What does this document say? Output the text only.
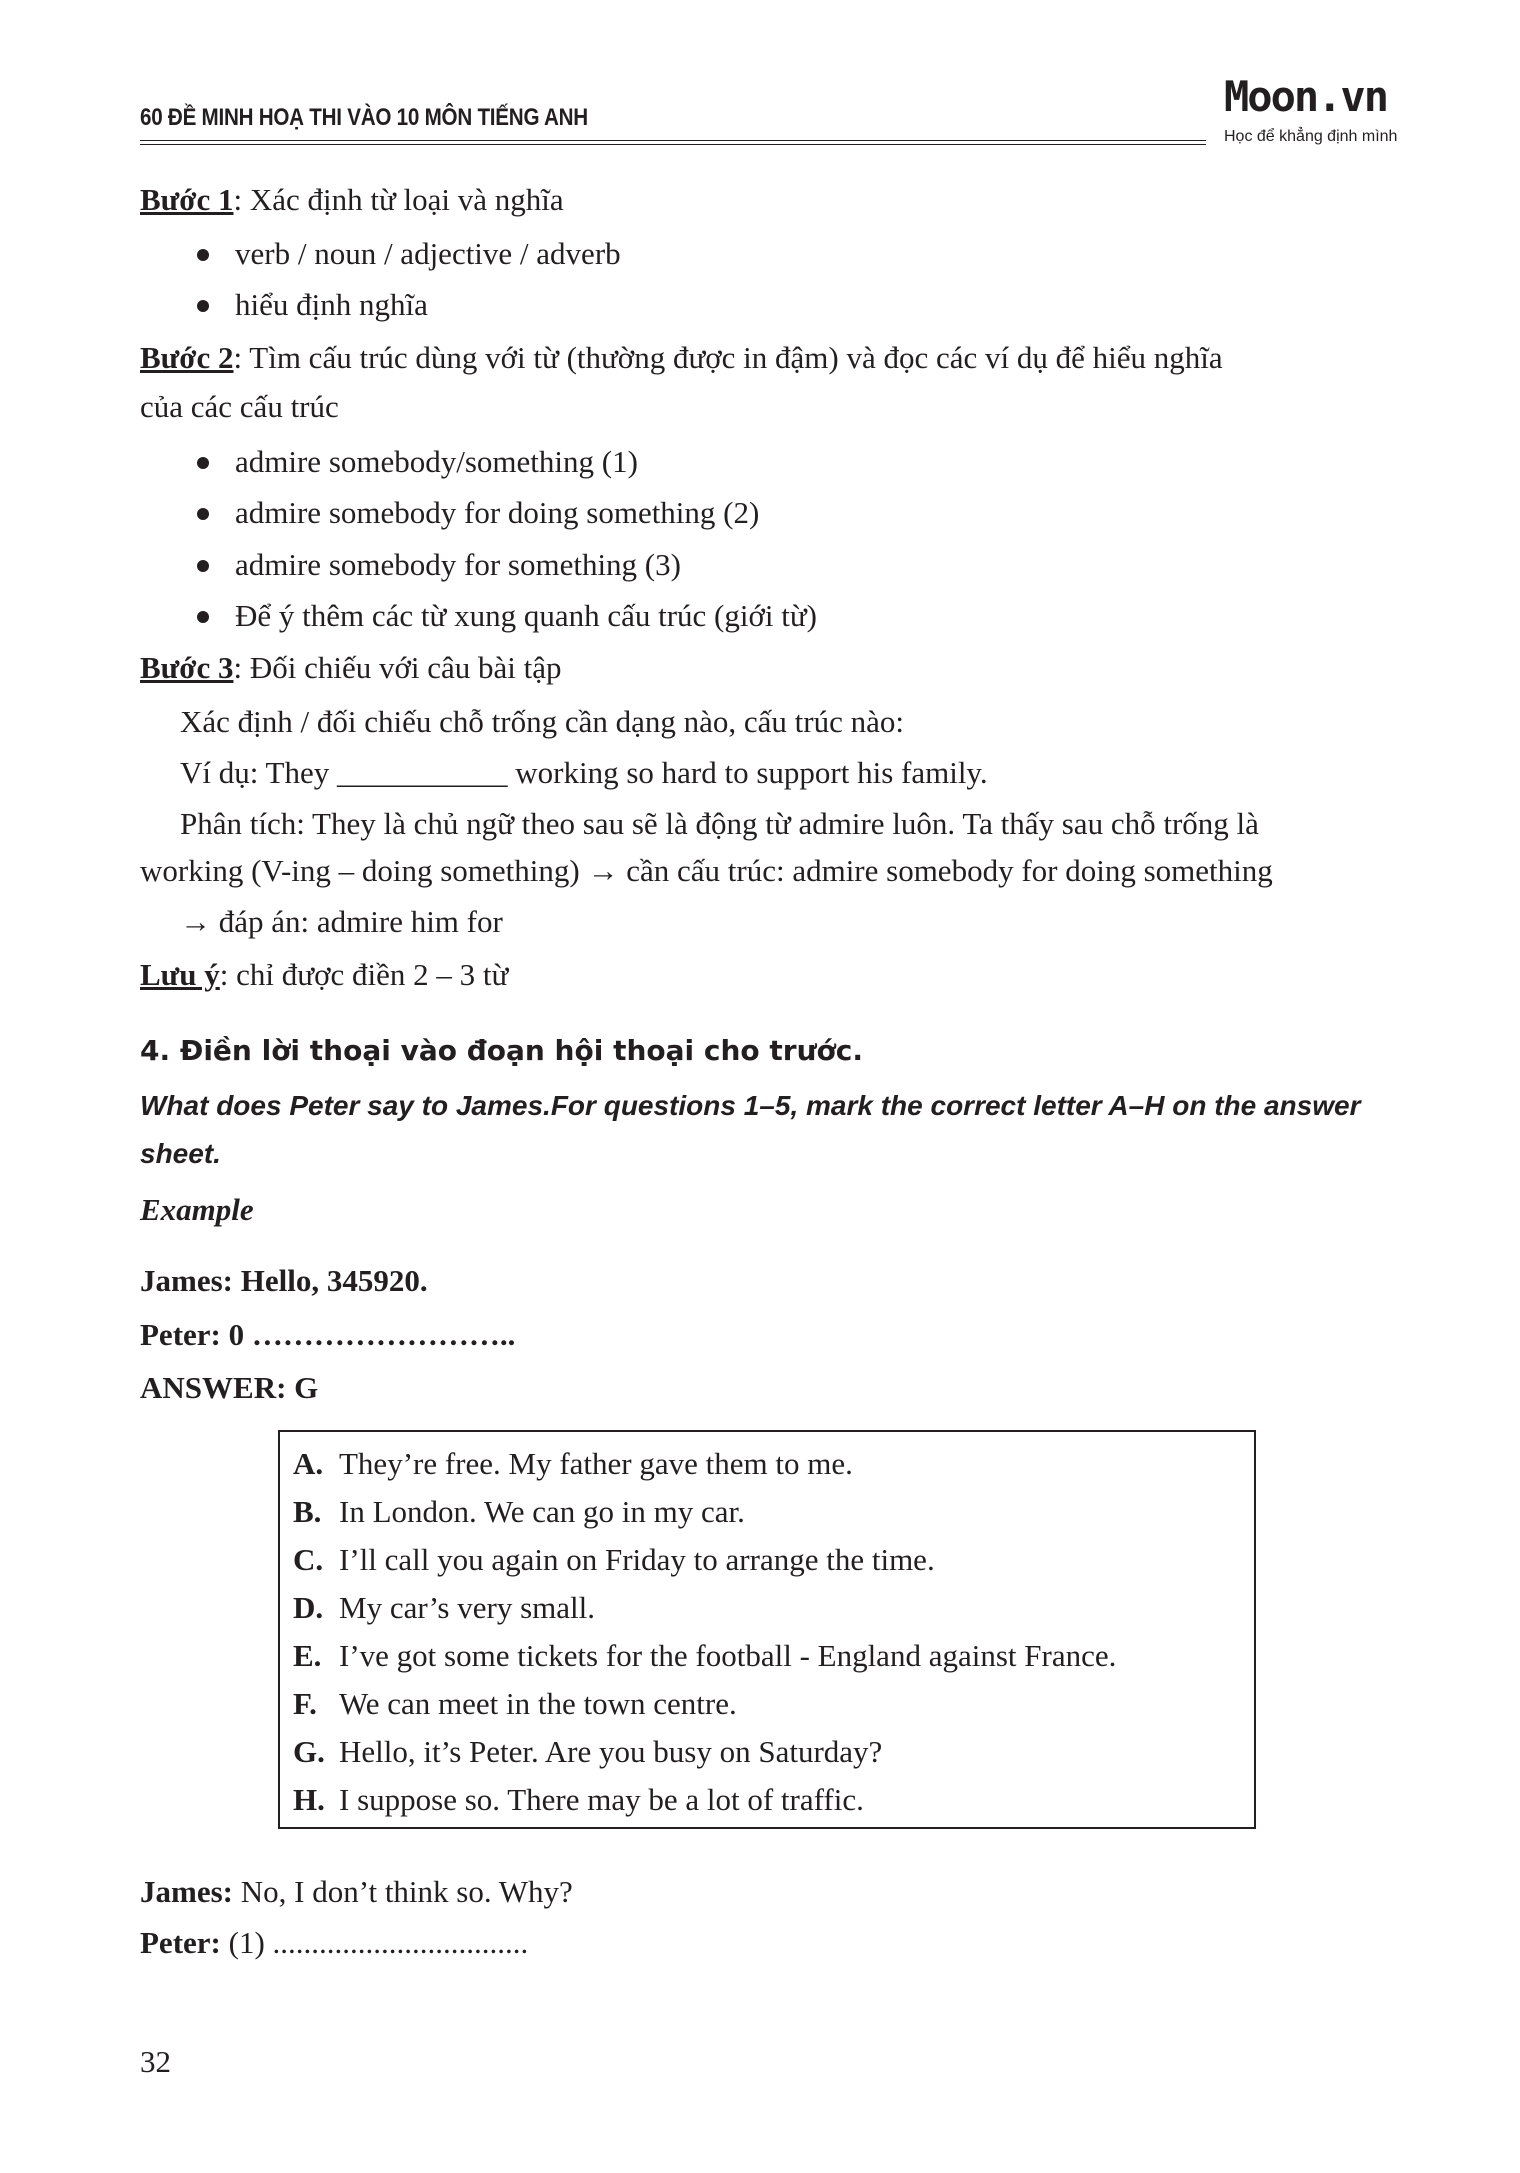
60 ĐỀ MINH HOẠ THI VÀO 10 MÔN TIẾNG ANH	Moon.vn
Học để khẳng định mình
Bước 1: Xác định từ loại và nghĩa
verb / noun / adjective / adverb
hiểu định nghĩa
Bước 2: Tìm cấu trúc dùng với từ (thường được in đậm) và đọc các ví dụ để hiểu nghĩa
của các cấu trúc
admire somebody/something (1)
admire somebody for doing something (2)
admire somebody for something (3)
Để ý thêm các từ xung quanh cấu trúc (giới từ)
Bước 3: Đối chiếu với câu bài tập
Xác định / đối chiếu chỗ trống cần dạng nào, cấu trúc nào:
Ví dụ: They ___________ working so hard to support his family.
Phân tích: They là chủ ngữ theo sau sẽ là động từ admire luôn. Ta thấy sau chỗ trống là
working (V-ing – doing something) → cần cấu trúc: admire somebody for doing something
→ đáp án: admire him for
Lưu ý: chỉ được điền 2 – 3 từ
4. Điền lời thoại vào đoạn hội thoại cho trước.
What does Peter say to James.For questions 1–5, mark the correct letter A–H on the answer
sheet.
Example
James: Hello, 345920.
Peter: 0 ……………………..
ANSWER: G
A. They’re free. My father gave them to me.
B. In London. We can go in my car.
C. I’ll call you again on Friday to arrange the time.
D. My car’s very small.
E. I’ve got some tickets for the football - England against France.
F. We can meet in the town centre.
G. Hello, it’s Peter. Are you busy on Saturday?
H. I suppose so. There may be a lot of traffic.
James: No, I don’t think so. Why?
Peter: (1) .................................
32
